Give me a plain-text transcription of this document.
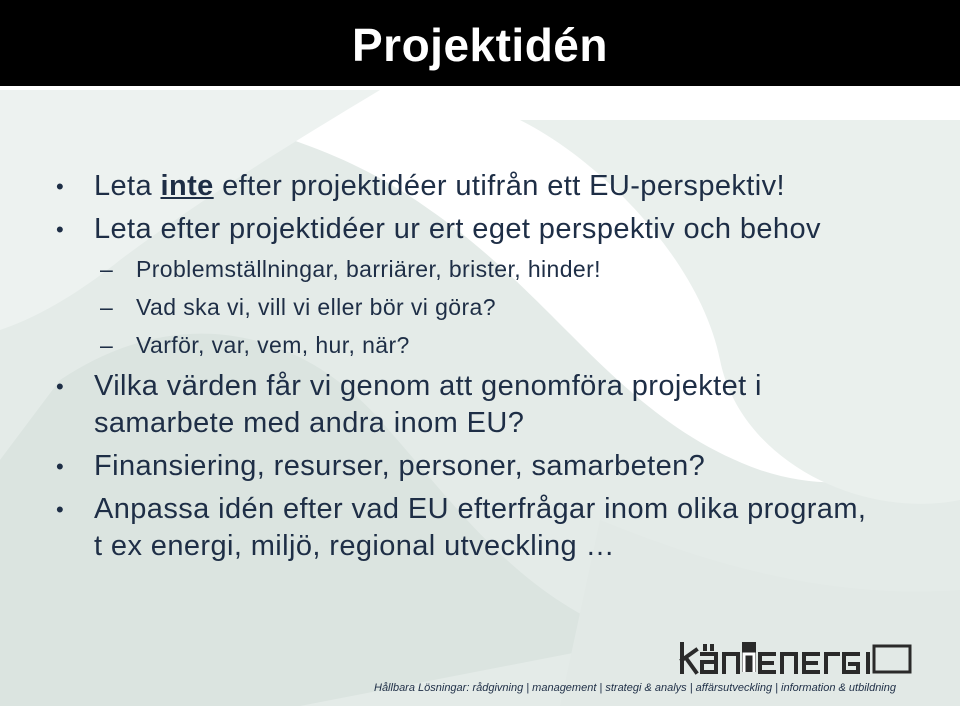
Projektidén
• Leta inte efter projektidéer utifrån ett EU-perspektiv!
• Leta efter projektidéer ur ert eget perspektiv och behov
– Problemställningar, barriärer, brister, hinder!
– Vad ska vi, vill vi eller bör vi göra?
– Varför, var, vem, hur, när?
• Vilka värden får vi genom att genomföra projektet i samarbete med andra inom EU?
• Finansiering, resurser, personer, samarbeten?
• Anpassa idén efter vad EU efterfrågar inom olika program, t ex energi, miljö, regional utveckling …
Hållbara Lösningar: rådgivning | management | strategi & analys | affärsutveckling | information & utbildning
